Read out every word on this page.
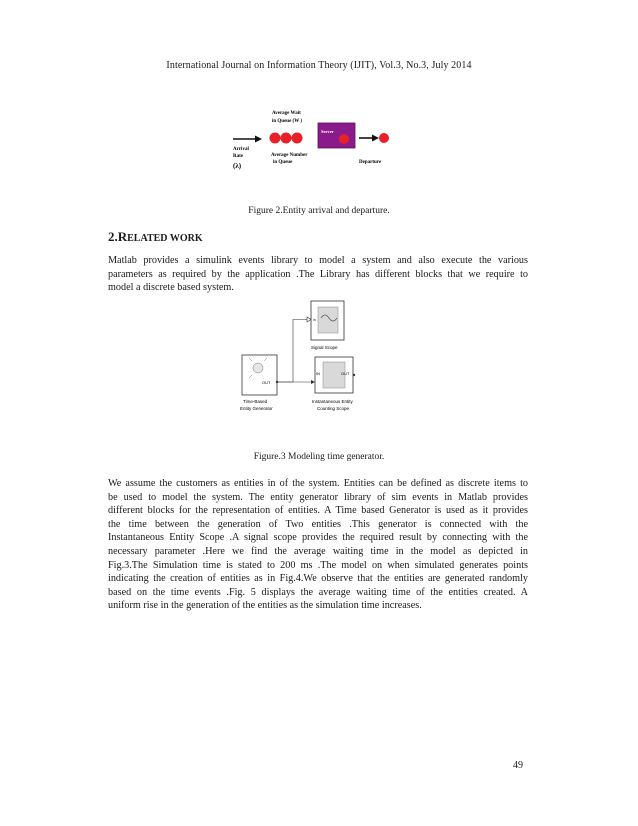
International Journal on Information Theory (IJIT), Vol.3, No.3, July 2014
Average Wait
in Queue (W )
Arrival
Rate
(λ)
Average Number
in Queue
Server
Departure
Figure 2.Entity arrival and departure.
2.RELATED WORK
Matlab provides a simulink events library to model a system and also execute the various
parameters as required by the application .The Library has different blocks that we require to
model a discrete based system.
in
Signal Scope
OUT
Time-Based
Entity Generator
IN	OUT
Instantaneous Entity
Counting Scope
Figure.3 Modeling time generator.
We assume the customers as entities in of the system. Entities can be defined as discrete items to
be used to model the system. The entity generator library of sim events in Matlab provides
different blocks for the representation of entities. A Time based Generator is used as it provides
the time between the generation of Two entities .This generator is connected with the
Instantaneous Entity Scope .A signal scope provides the required result by connecting with the
necessary parameter .Here we find the average waiting time in the model as depicted in
Fig.3.The Simulation time is stated to 200 ms .The model on when simulated generates points
indicating the creation of entities as in Fig.4.We observe that the entities are generated randomly
based on the time events .Fig. 5 displays the average waiting time of the entities created. A
uniform rise in the generation of the entities as the simulation time increases.
49
